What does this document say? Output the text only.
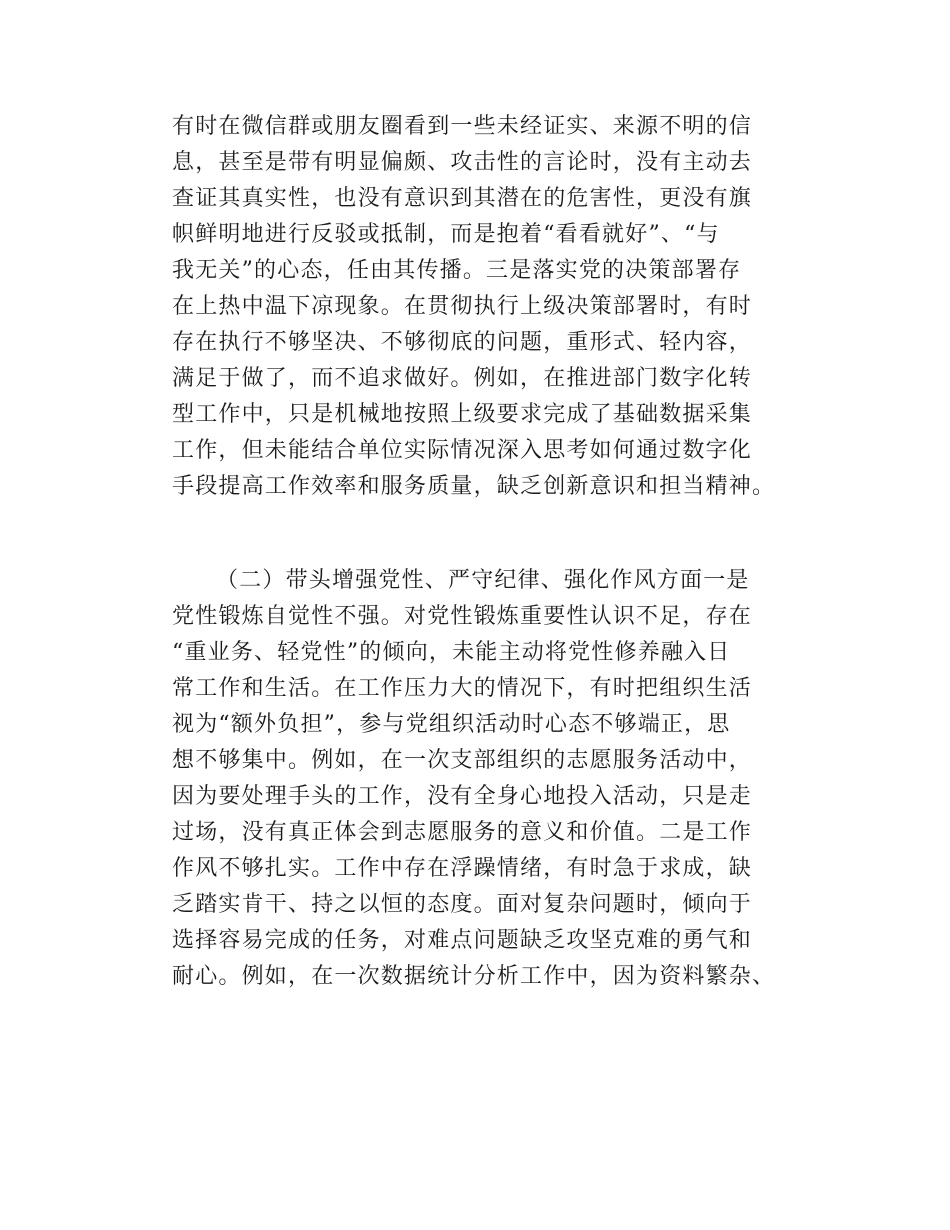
有时在微信群或朋友圈看到一些未经证实、来源不明的信
息，甚至是带有明显偏颇、攻击性的言论时，没有主动去
查证其真实性，也没有意识到其潜在的危害性，更没有旗
帜鲜明地进行反驳或抵制，而是抱着“看看就好”、“与
我无关”的心态，任由其传播。三是落实党的决策部署存
在上热中温下凉现象。在贯彻执行上级决策部署时，有时
存在执行不够坚决、不够彻底的问题，重形式、轻内容，
满足于做了，而不追求做好。例如，在推进部门数字化转
型工作中，只是机械地按照上级要求完成了基础数据采集
工作，但未能结合单位实际情况深入思考如何通过数字化
手段提高工作效率和服务质量，缺乏创新意识和担当精神。
（二）带头增强党性、严守纪律、强化作风方面一是
党性锻炼自觉性不强。对党性锻炼重要性认识不足，存在
“重业务、轻党性”的倾向，未能主动将党性修养融入日
常工作和生活。在工作压力大的情况下，有时把组织生活
视为“额外负担”，参与党组织活动时心态不够端正，思
想不够集中。例如，在一次支部组织的志愿服务活动中，
因为要处理手头的工作，没有全身心地投入活动，只是走
过场，没有真正体会到志愿服务的意义和价值。二是工作
作风不够扎实。工作中存在浮躁情绪，有时急于求成，缺
乏踏实肯干、持之以恒的态度。面对复杂问题时，倾向于
选择容易完成的任务，对难点问题缺乏攻坚克难的勇气和
耐心。例如，在一次数据统计分析工作中，因为资料繁杂、
